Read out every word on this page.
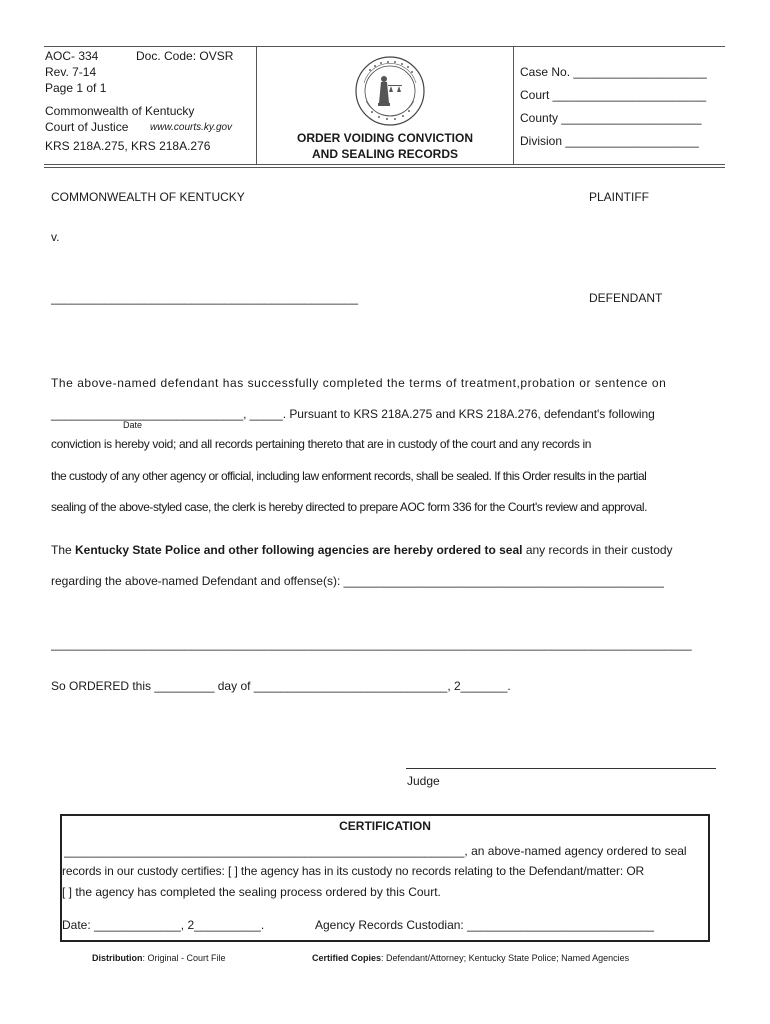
AOC- 334	Doc. Code: OVSR
Rev. 7-14
Page 1 of 1
Commonwealth of Kentucky
Court of Justice www.courts.ky.gov
KRS 218A.275, KRS 218A.276
ORDER VOIDING CONVICTION
AND SEALING RECORDS
Case No. ____________________
Court _______________________
County _____________________
Division ____________________
COMMONWEALTH OF KENTUCKY	PLAINTIFF
v.
______________________________________________	DEFENDANT
The above-named defendant has successfully completed the terms of treatment,probation or sentence on
_____________________________, _____. Pursuant to KRS 218A.275 and KRS 218A.276, defendant's following
Date
conviction is hereby void; and all records pertaining thereto that are in custody of the court and any records in
the custody of any other agency or official, including law enforment records, shall be sealed. If this Order results in the partial
sealing of the above-styled case, the clerk is hereby directed to prepare AOC form 336 for the Court's review and approval.
The Kentucky State Police and other following agencies are hereby ordered to seal any records in their custody
regarding the above-named Defendant and offense(s): ________________________________________________
________________________________________________________________________________________________
So ORDERED this _________ day of _____________________________, 2_______.
Judge
CERTIFICATION
____________________________________________________________, an above-named agency ordered to seal
records in our custody certifies: [ ] the agency has in its custody no records relating to the Defendant/matter: OR
[ ] the agency has completed the sealing process ordered by this Court.
Date: _____________, 2__________.	Agency Records Custodian: ____________________________
Distribution: Original - Court File	Certified Copies: Defendant/Attorney; Kentucky State Police; Named Agencies
